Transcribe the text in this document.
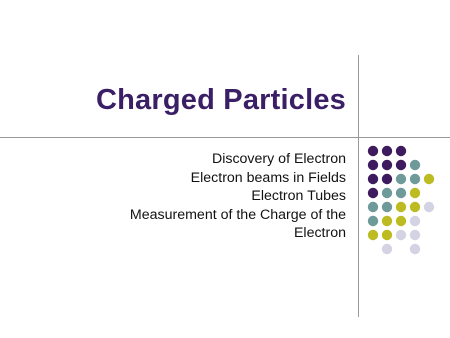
Charged Particles
Discovery of Electron
Electron beams in Fields
Electron Tubes
Measurement of the Charge of the
Electron
